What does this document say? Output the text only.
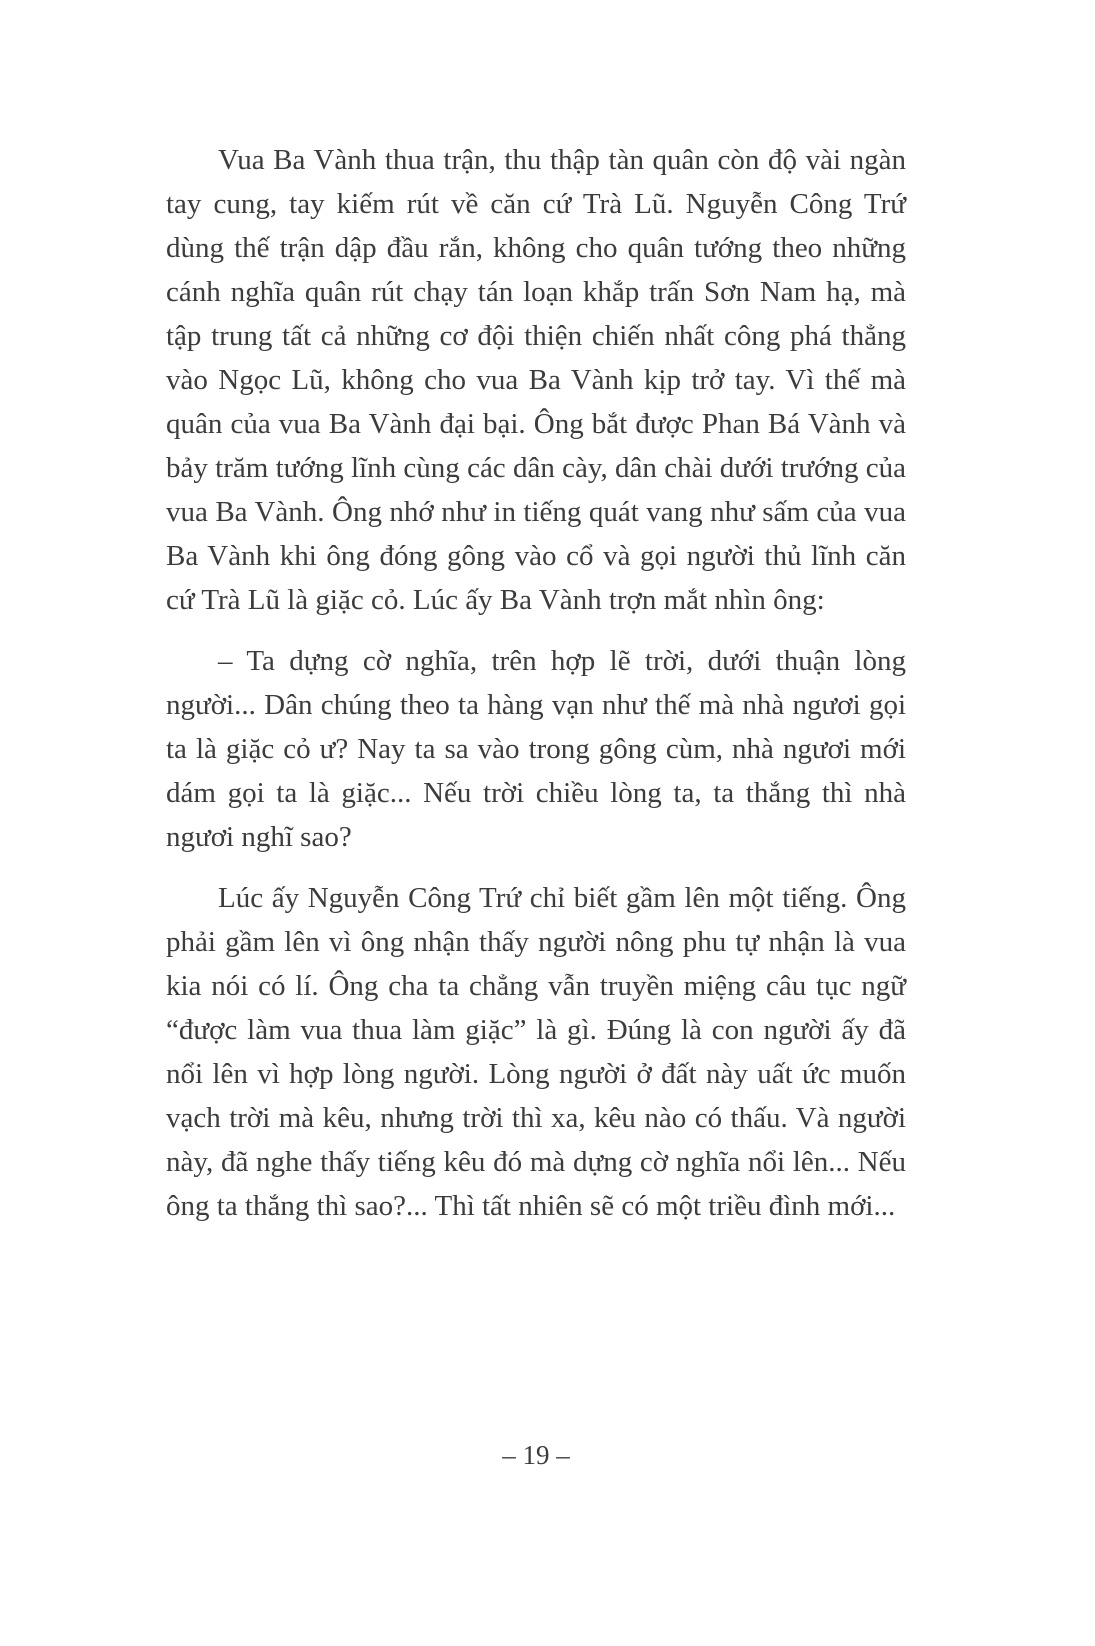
Vua Ba Vành thua trận, thu thập tàn quân còn độ vài ngàn tay cung, tay kiếm rút về căn cứ Trà Lũ. Nguyễn Công Trứ dùng thế trận dập đầu rắn, không cho quân tướng theo những cánh nghĩa quân rút chạy tán loạn khắp trấn Sơn Nam hạ, mà tập trung tất cả những cơ đội thiện chiến nhất công phá thẳng vào Ngọc Lũ, không cho vua Ba Vành kịp trở tay. Vì thế mà quân của vua Ba Vành đại bại. Ông bắt được Phan Bá Vành và bảy trăm tướng lĩnh cùng các dân cày, dân chài dưới trướng của vua Ba Vành. Ông nhớ như in tiếng quát vang như sấm của vua Ba Vành khi ông đóng gông vào cổ và gọi người thủ lĩnh căn cứ Trà Lũ là giặc cỏ. Lúc ấy Ba Vành trợn mắt nhìn ông:

– Ta dựng cờ nghĩa, trên hợp lẽ trời, dưới thuận lòng người... Dân chúng theo ta hàng vạn như thế mà nhà ngươi gọi ta là giặc cỏ ư? Nay ta sa vào trong gông cùm, nhà ngươi mới dám gọi ta là giặc... Nếu trời chiều lòng ta, ta thắng thì nhà ngươi nghĩ sao?

Lúc ấy Nguyễn Công Trứ chỉ biết gầm lên một tiếng. Ông phải gầm lên vì ông nhận thấy người nông phu tự nhận là vua kia nói có lí. Ông cha ta chẳng vẫn truyền miệng câu tục ngữ “được làm vua thua làm giặc” là gì. Đúng là con người ấy đã nổi lên vì hợp lòng người. Lòng người ở đất này uất ức muốn vạch trời mà kêu, nhưng trời thì xa, kêu nào có thấu. Và người này, đã nghe thấy tiếng kêu đó mà dựng cờ nghĩa nổi lên... Nếu ông ta thắng thì sao?... Thì tất nhiên sẽ có một triều đình mới...

– 19 –
